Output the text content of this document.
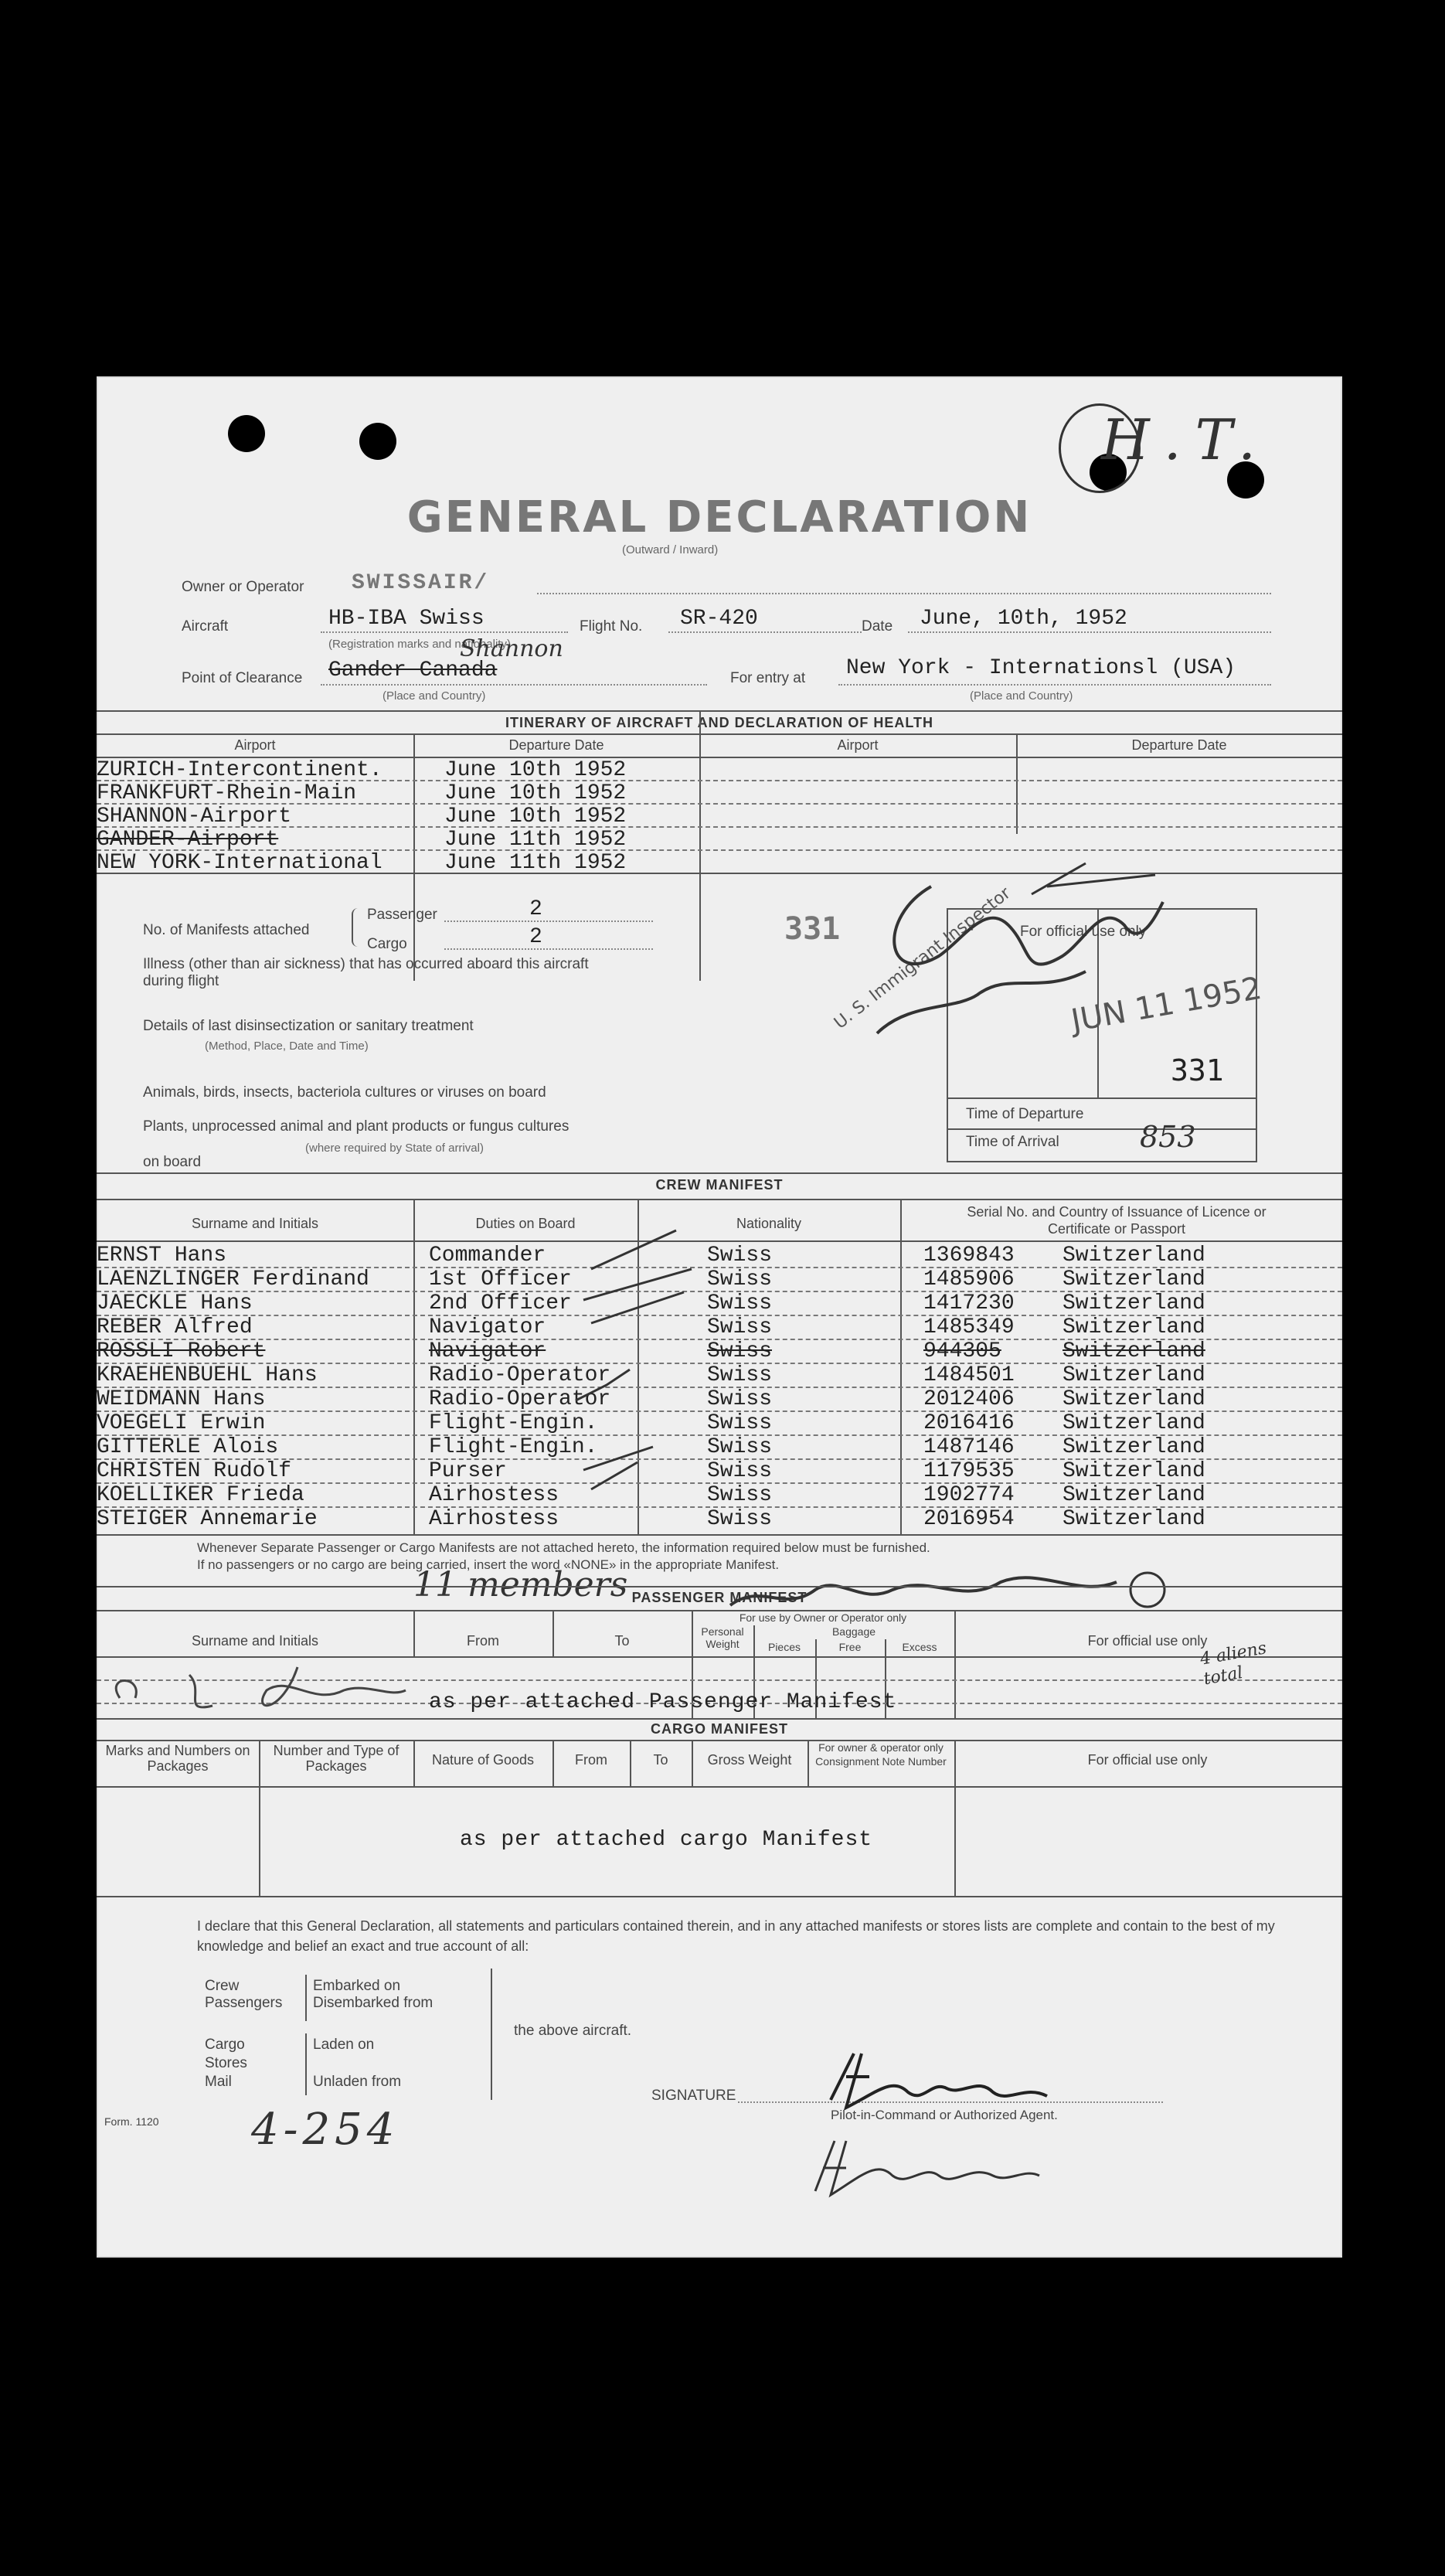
H.T.
GENERAL DECLARATION
(Outward / Inward)
Owner or Operator SWISSAIR/
Aircraft	HB-IBA Swiss
(Registration marks and nationality)
Flight No. SR-420	Date June, 10th, 1952
Point of Clearance Gander Canada
Shannon
(Place and Country)
For entry at New York - Internationsl (USA)
(Place and Country)
ITINERARY OF AIRCRAFT AND DECLARATION OF HEALTH
Airport	Departure Date	Airport	Departure Date
ZURICH-Intercontinent.	June 10th 1952
FRANKFURT-Rhein-Main	June 10th 1952
SHANNON-Airport	June 10th 1952
GANDER-Airport	June 11th 1952
NEW YORK-International	June 11th 1952
No. of Manifests attached
Passenger	2
Cargo	2
Illness (other than air sickness) that has occurred aboard this aircraft during flight
Details of last disinsectization or sanitary treatment
(Method, Place, Date and Time)
Animals, birds, insects, bacteriola cultures or viruses on board
Plants, unprocessed animal and plant products or fungus cultures
(where required by State of arrival)
on board
For official use only
331
U. S. Immigrant Inspector JUN 11 1952
331
Time of Departure
Time of Arrival	853
CREW MANIFEST
Surname and Initials	Duties on Board	Nationality
Serial No. and Country of Issuance of Licence or Certificate or Passport
ERNST Hans	Commander	Swiss	1369843 Switzerland
LAENZLINGER Ferdinand	1st Officer	Swiss	1485906 Switzerland
JAECKLE Hans	2nd Officer	Swiss	1417230 Switzerland
REBER Alfred	Navigator	Swiss	1485349 Switzerland
ROSSLI Robert	Navigator	Swiss	944305	Switzerland
KRAEHENBUEHL Hans	Radio-Operator	Swiss	1484501 Switzerland
WEIDMANN Hans	Radio-Operator	Swiss	2012406 Switzerland
VOEGELI Erwin	Flight-Engin.	Swiss	2016416 Switzerland
GITTERLE Alois	Flight-Engin.	Swiss	1487146 Switzerland
CHRISTEN Rudolf	Purser	Swiss	1179535 Switzerland
KOELLIKER Frieda	Airhostess	Swiss	1902774 Switzerland
STEIGER Annemarie	Airhostess	Swiss	2016954 Switzerland
Whenever Separate Passenger or Cargo Manifests are not attached hereto, the information required below must be furnished.
If no passengers or no cargo are being carried, insert the word «NONE» in the appropriate Manifest.
11 members PASSENGER MANIFEST
Surname and Initials	From	To
For use by Owner or Operator only
Personal Weight
Baggage
Pieces	Free	Excess	For official use only
as per attached Passenger Manifest
4 aliens total
CARGO MANIFEST
Marks and Numbers on Packages
Number and Type of Packages	Nature of Goods	From	To	Gross Weight
For owner & operator only
Consignment Note Number	For official use only
as per attached cargo Manifest
I declare that this General Declaration, all statements and particulars contained therein, and in any attached manifests or stores lists are complete and contain to the best of my knowledge and belief an exact and true account of all:
Crew
Passengers
Embarked on
Disembarked from
Cargo
Stores
Mail
Laden on
Unladen from
the above aircraft.
SIGNATURE
Pilot-in-Command or Authorized Agent.
Form. 1120 4-254
